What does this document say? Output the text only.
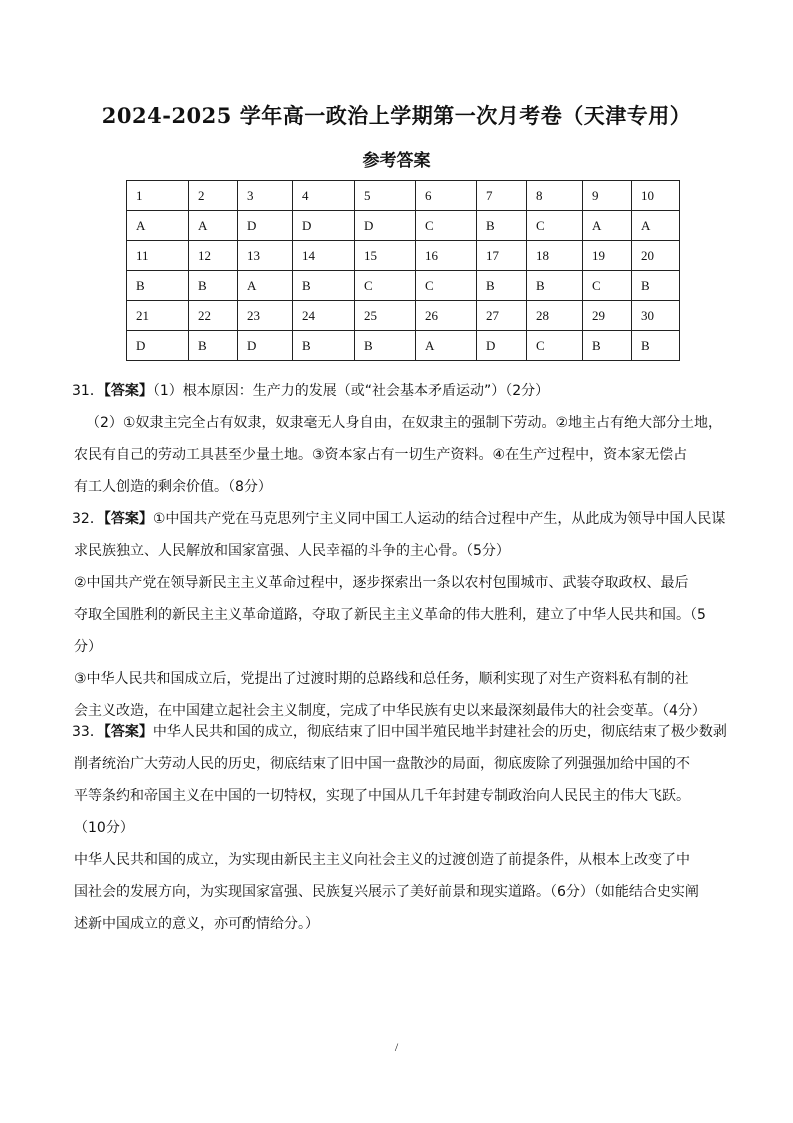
2024-2025 学年高一政治上学期第一次月考卷（天津专用）
参考答案
1	2	3	4	5	6	7	8	9	10
A	A	D	D	D	C	B	C	A	A
11	12	13	14	15	16	17	18	19	20
B	B	A	B	C	C	B	B	C	B
21	22	23	24	25	26	27	28	29	30
D	B	D	B	B	A	D	C	B	B

31．【答案】（1）根本原因：生产力的发展（或“社会基本矛盾运动”）（2分）

（2）①奴隶主完全占有奴隶，奴隶毫无人身自由，在奴隶主的强制下劳动。②地主占有绝大部分土地，

农民有自己的劳动工具甚至少量土地。③资本家占有一切生产资料。④在生产过程中，资本家无偿占

有工人创造的剩余价值。（8分）

32．【答案】①中国共产党在马克思列宁主义同中国工人运动的结合过程中产生，从此成为领导中国人民谋

求民族独立、人民解放和国家富强、人民幸福的斗争的主心骨。（5分）

②中国共产党在领导新民主主义革命过程中，逐步探索出一条以农村包围城市、武装夺取政权、最后

夺取全国胜利的新民主主义革命道路，夺取了新民主主义革命的伟大胜利，建立了中华人民共和国。（5

分）

③中华人民共和国成立后，党提出了过渡时期的总路线和总任务，顺利实现了对生产资料私有制的社

会主义改造，在中国建立起社会主义制度，完成了中华民族有史以来最深刻最伟大的社会变革。（4分）

33．【答案】中华人民共和国的成立，彻底结束了旧中国半殖民地半封建社会的历史，彻底结束了极少数剥

削者统治广大劳动人民的历史，彻底结束了旧中国一盘散沙的局面，彻底废除了列强强加给中国的不

平等条约和帝国主义在中国的一切特权，实现了中国从几千年封建专制政治向人民民主的伟大飞跃。

（10分）

中华人民共和国的成立，为实现由新民主主义向社会主义的过渡创造了前提条件，从根本上改变了中

国社会的发展方向，为实现国家富强、民族复兴展示了美好前景和现实道路。（6分）（如能结合史实阐

述新中国成立的意义，亦可酌情给分。）

/
